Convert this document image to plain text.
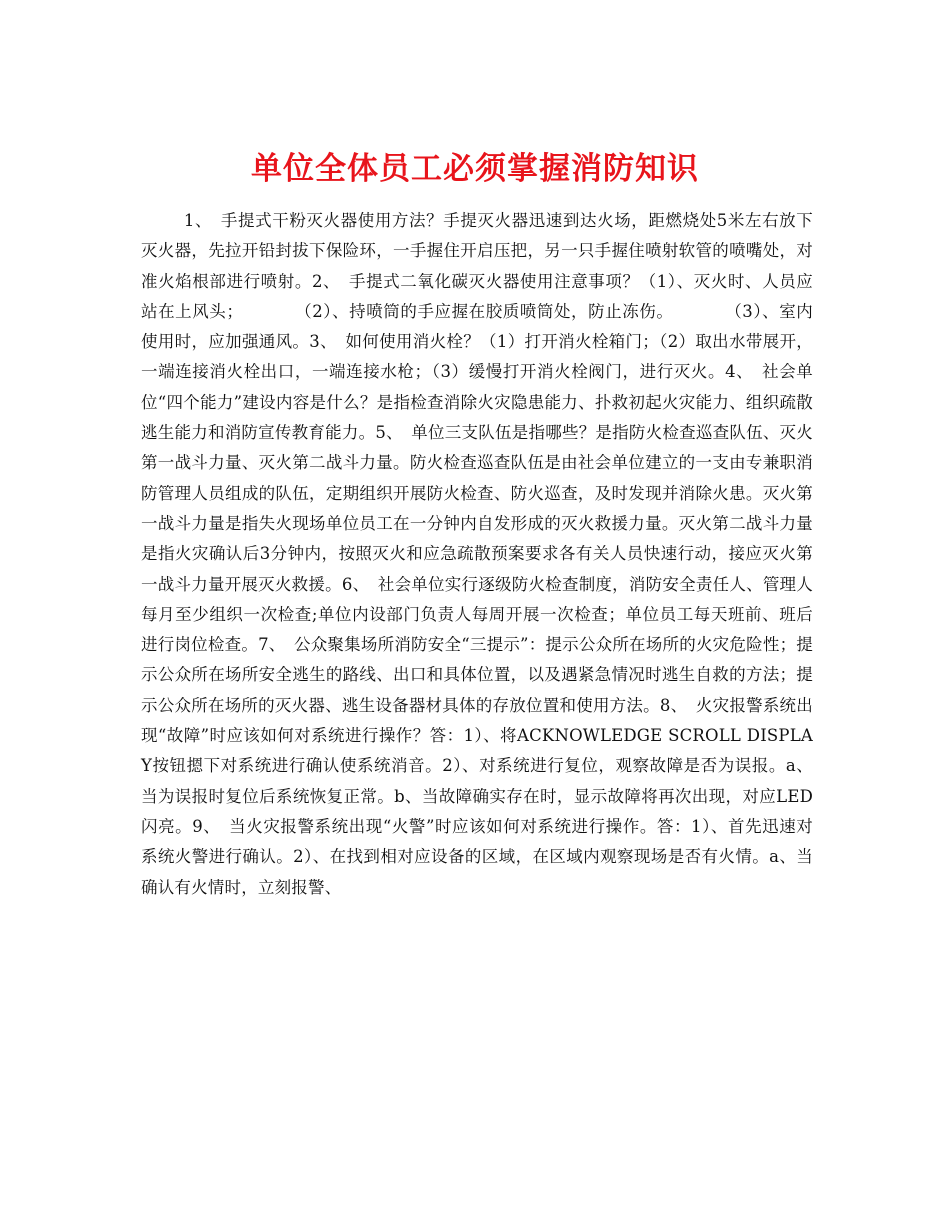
单位全体员工必须掌握消防知识

1、　手提式干粉灭火器使用方法？手提灭火器迅速到达火场，距燃烧处5米左右放下灭火器，先拉开铅封拔下保险环，一手握住开启压把，另一只手握住喷射软管的喷嘴处，对准火焰根部进行喷射。2、　手提式二氧化碳灭火器使用注意事项？（1）、灭火时、人员应站在上风头；　　　　（2）、持喷筒的手应握在胶质喷筒处，防止冻伤。　　　　（3）、室内使用时，应加强通风。3、　如何使用消火栓？（1）打开消火栓箱门；（2）取出水带展开，一端连接消火栓出口，一端连接水枪；（3）缓慢打开消火栓阀门，进行灭火。4、　社会单位“四个能力”建设内容是什么？是指检查消除火灾隐患能力、扑救初起火灾能力、组织疏散逃生能力和消防宣传教育能力。5、　单位三支队伍是指哪些？是指防火检查巡查队伍、灭火第一战斗力量、灭火第二战斗力量。防火检查巡查队伍是由社会单位建立的一支由专兼职消防管理人员组成的队伍，定期组织开展防火检查、防火巡查，及时发现并消除火患。灭火第一战斗力量是指失火现场单位员工在一分钟内自发形成的灭火救援力量。灭火第二战斗力量是指火灾确认后3分钟内，按照灭火和应急疏散预案要求各有关人员快速行动，接应灭火第一战斗力量开展灭火救援。6、　社会单位实行逐级防火检查制度，消防安全责任人、管理人每月至少组织一次检查;单位内设部门负责人每周开展一次检查；单位员工每天班前、班后进行岗位检查。7、　公众聚集场所消防安全“三提示”：提示公众所在场所的火灾危险性；提示公众所在场所安全逃生的路线、出口和具体位置，以及遇紧急情况时逃生自救的方法；提示公众所在场所的灭火器、逃生设备器材具体的存放位置和使用方法。8、　火灾报警系统出现“故障”时应该如何对系统进行操作？答：1）、将ACKNOWLEDGE SCROLL DISPLAY按钮摁下对系统进行确认使系统消音。2）、对系统进行复位，观察故障是否为误报。a、当为误报时复位后系统恢复正常。b、当故障确实存在时，显示故障将再次出现，对应LED闪亮。9、　当火灾报警系统出现“火警”时应该如何对系统进行操作。答：1）、首先迅速对系统火警进行确认。2）、在找到相对应设备的区域，在区域内观察现场是否有火情。a、当确认有火情时，立刻报警、
